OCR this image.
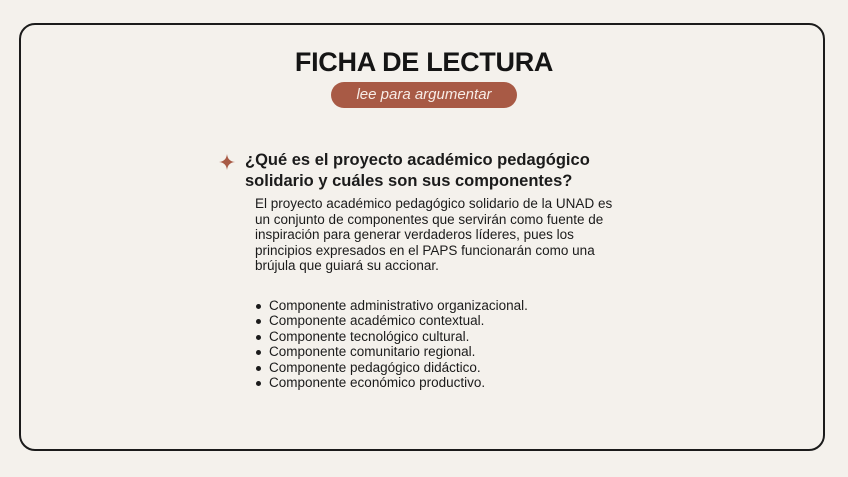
FICHA DE LECTURA
lee para argumentar
¿Qué es el proyecto académico pedagógico solidario y cuáles son sus componentes?
El proyecto académico pedagógico solidario de la UNAD es un conjunto de componentes que servirán como fuente de inspiración para generar verdaderos líderes, pues los principios expresados en el PAPS funcionarán como una brújula que guiará su accionar.
Componente administrativo organizacional.
Componente académico contextual.
Componente tecnológico cultural.
Componente comunitario regional.
Componente pedagógico didáctico.
Componente económico productivo.
